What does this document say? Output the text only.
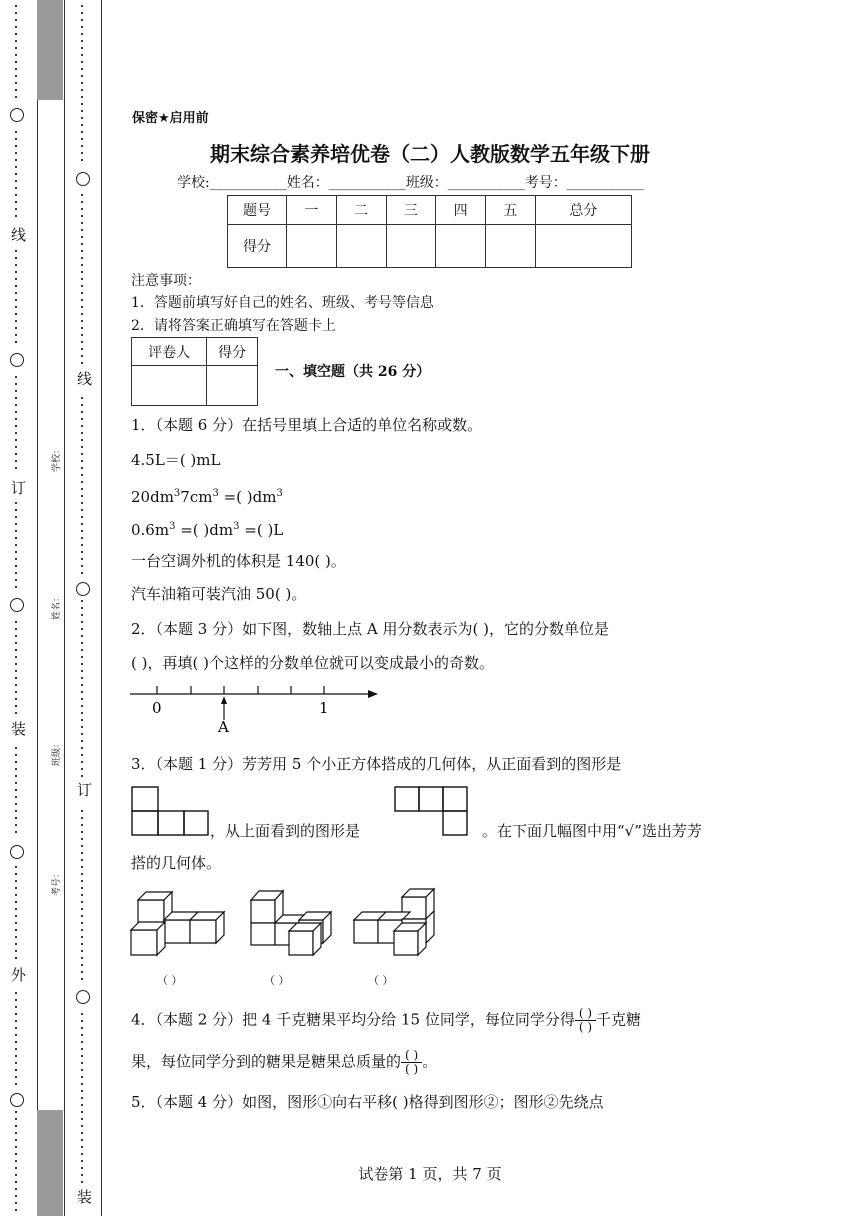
线
订
装
外
学校：
姓名：
班级：
考号：
线
订
装
保密★启用前
期末综合素养培优卷（二）人教版数学五年级下册
学校:___________姓名：___________班级：___________考号：___________
题号	一	二	三	四	五	总分
得分						
注意事项：
1．答题前填写好自己的姓名、班级、考号等信息
2．请将答案正确填写在答题卡上
评卷人	得分

一、填空题（共 26 分）
1．（本题 6 分）在括号里填上合适的单位名称或数。
4.5L＝( )mL
$20dm^37cm^3$ =( )$dm^3$
$0.6m^3$ =( )$dm^3$ =( )L
一台空调外机的体积是 140( )。
汽车油箱可装汽油 50( )。
2．（本题 3 分）如下图，数轴上点 A 用分数表示为( )，它的分数单位是
( )，再填( )个这样的分数单位就可以变成最小的奇数。
0	1
A
3．（本题 1 分）芳芳用 5 个小正方体搭成的几何体，从正面看到的图形是
，从上面看到的图形是	。在下面几幅图中用“√”选出芳芳
搭的几何体。
（ ）	（ ）	（ ）
4．（本题 2 分）把 4 千克糖果平均分给 15 位同学，每位同学分得 $\frac{( )}{( )}$ 千克糖
果，每位同学分到的糖果是糖果总质量的 $\frac{( )}{( )}$ 。
5．（本题 4 分）如图，图形①向右平移( )格得到图形②；图形②先绕点
试卷第 1 页，共 7 页
